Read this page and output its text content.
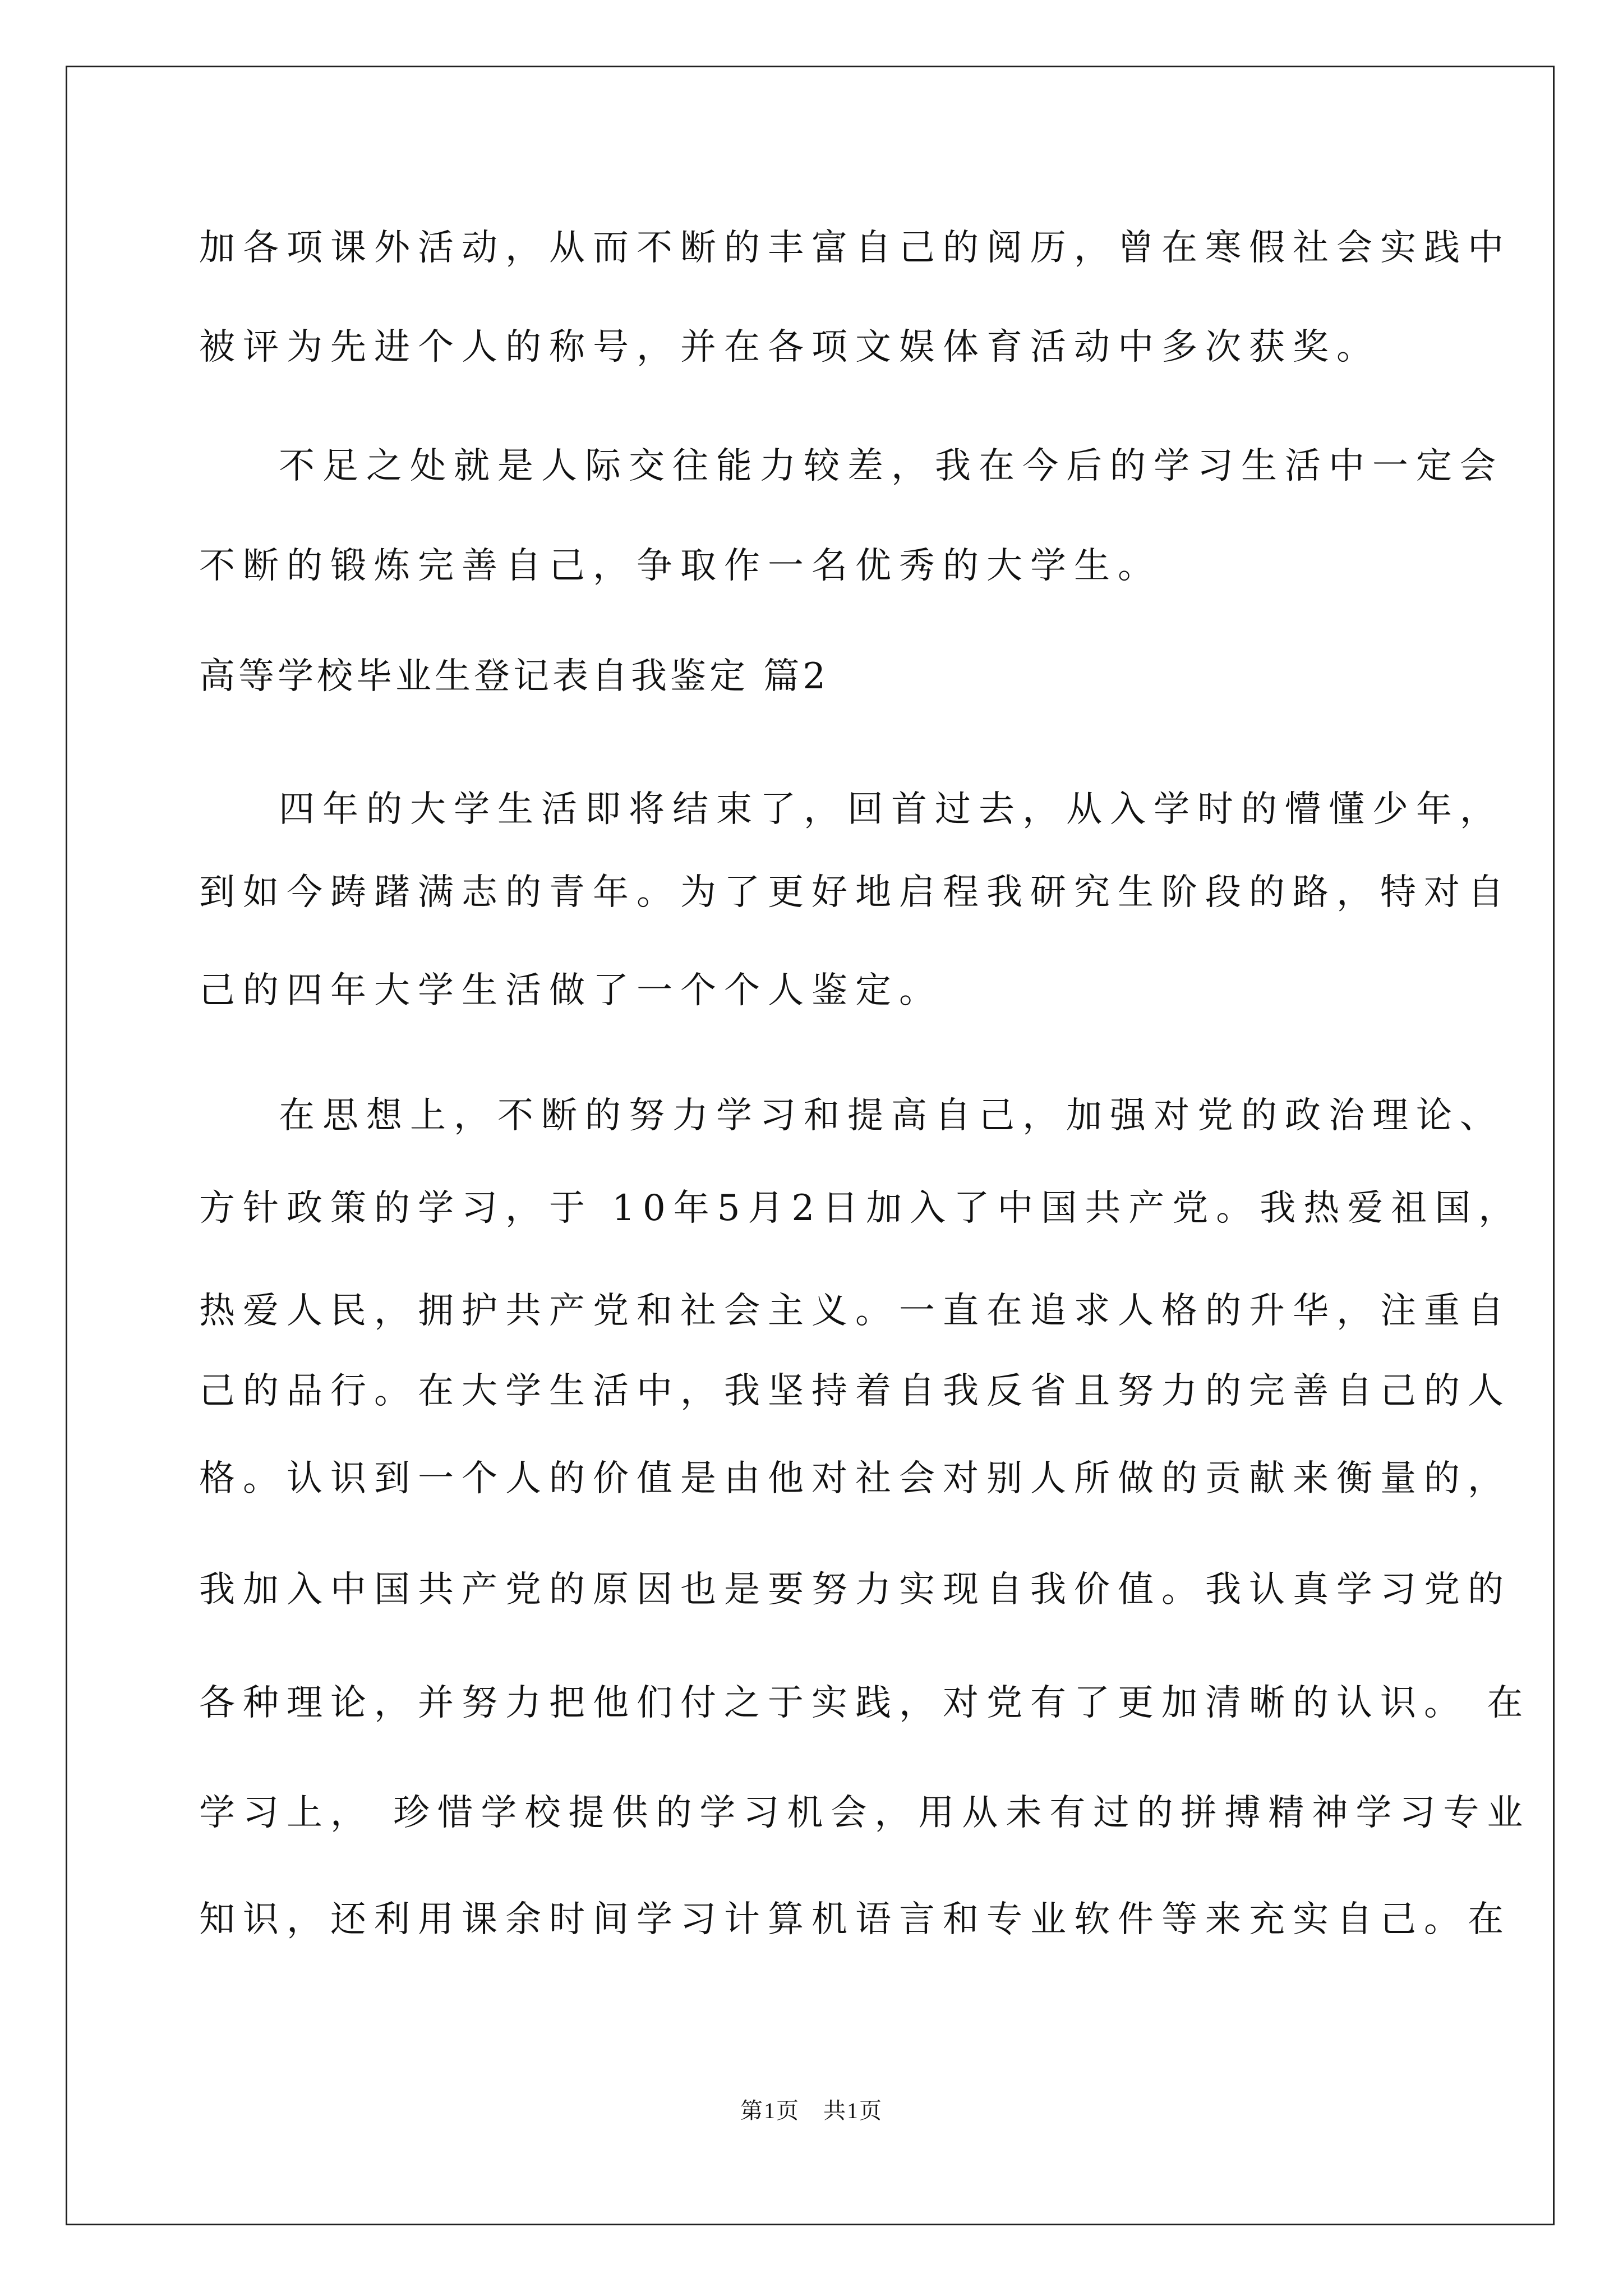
加各项课外活动，从而不断的丰富自己的阅历，曾在寒假社会实践中
被评为先进个人的称号，并在各项文娱体育活动中多次获奖。
不足之处就是人际交往能力较差，我在今后的学习生活中一定会
不断的锻炼完善自己，争取作一名优秀的大学生。
高等学校毕业生登记表自我鉴定 篇2
四年的大学生活即将结束了，回首过去，从入学时的懵懂少年，
到如今踌躇满志的青年。为了更好地启程我研究生阶段的路，特对自
己的四年大学生活做了一个个人鉴定。
在思想上，不断的努力学习和提高自己，加强对党的政治理论、
方针政策的学习，于 10年5月2日加入了中国共产党。我热爱祖国，
热爱人民，拥护共产党和社会主义。一直在追求人格的升华，注重自
己的品行。在大学生活中，我坚持着自我反省且努力的完善自己的人
格。认识到一个人的价值是由他对社会对别人所做的贡献来衡量的，
我加入中国共产党的原因也是要努力实现自我价值。我认真学习党的
各种理论，并努力把他们付之于实践，对党有了更加清晰的认识。 在
学习上， 珍惜学校提供的学习机会，用从未有过的拼搏精神学习专业
知识，还利用课余时间学习计算机语言和专业软件等来充实自己。在
第1页　共1页
